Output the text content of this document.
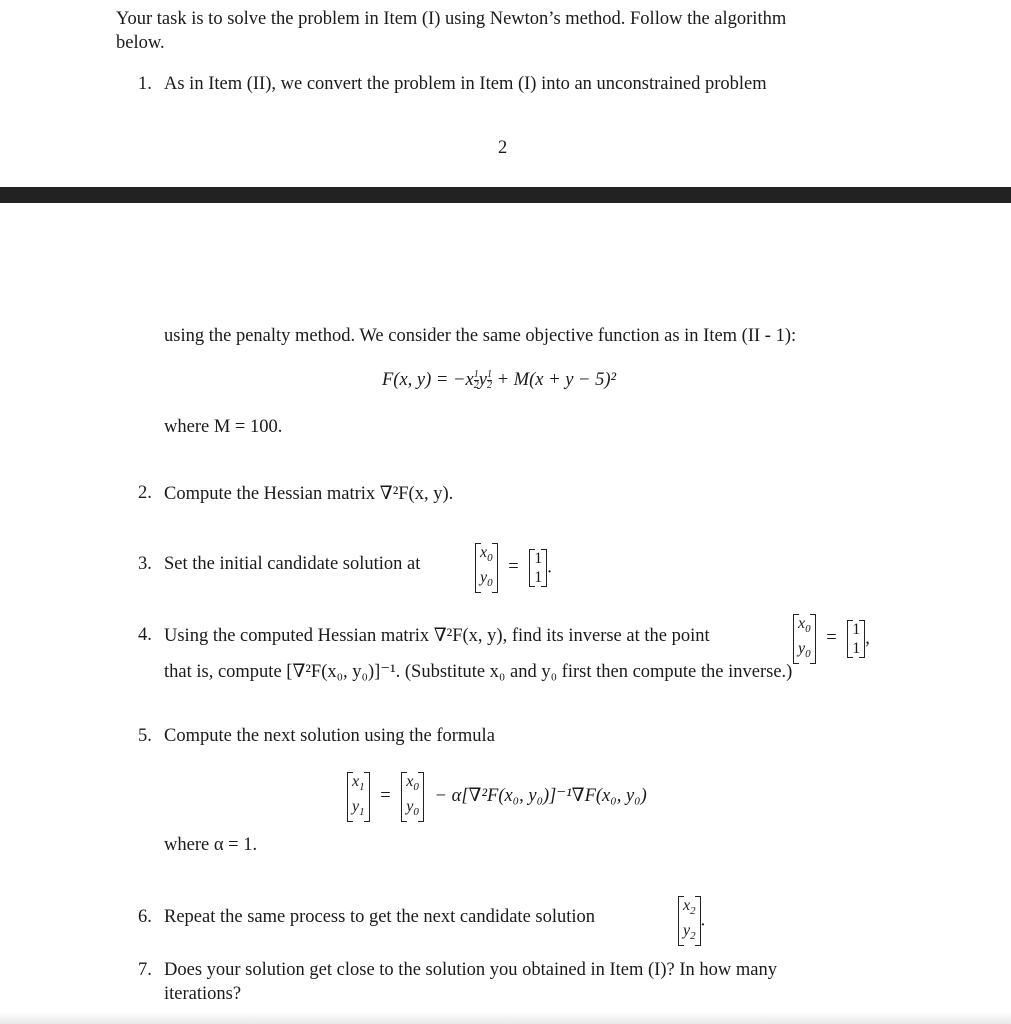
Your task is to solve the problem in Item (I) using Newton’s method. Follow the algorithm
below.
1. As in Item (II), we convert the problem in Item (I) into an unconstrained problem
2
using the penalty method. We consider the same objective function as in Item (II - 1):
F(x, $y) = -x \frac{1}{2}$ y $\frac{1}{2} + M(x + y - 5)^2$
where M = 100.
2. Compute the Hessian matrix ∇²F(x, y).
3. Set the initial candidate solution at
$x_0$
$y_0$
= 1
1
.
4. Using the computed Hessian matrix ∇²F(x, y), find its inverse at the point
$x_0$
$y_0$
= 1
1
,
that is, compute [∇²F(x₀, y₀)]⁻¹. (Substitute x₀ and y₀ first then compute the inverse.)
5. Compute the next solution using the formula
$x_1$
$y_1$
=
$x_0$
$y_0$
− α[∇²F(x₀, y₀)]⁻¹∇F(x₀, y₀)
where α = 1.
6. Repeat the same process to get the next candidate solution
$x_2$
$y_2$
.
7. Does your solution get close to the solution you obtained in Item (I)? In how many
iterations?
